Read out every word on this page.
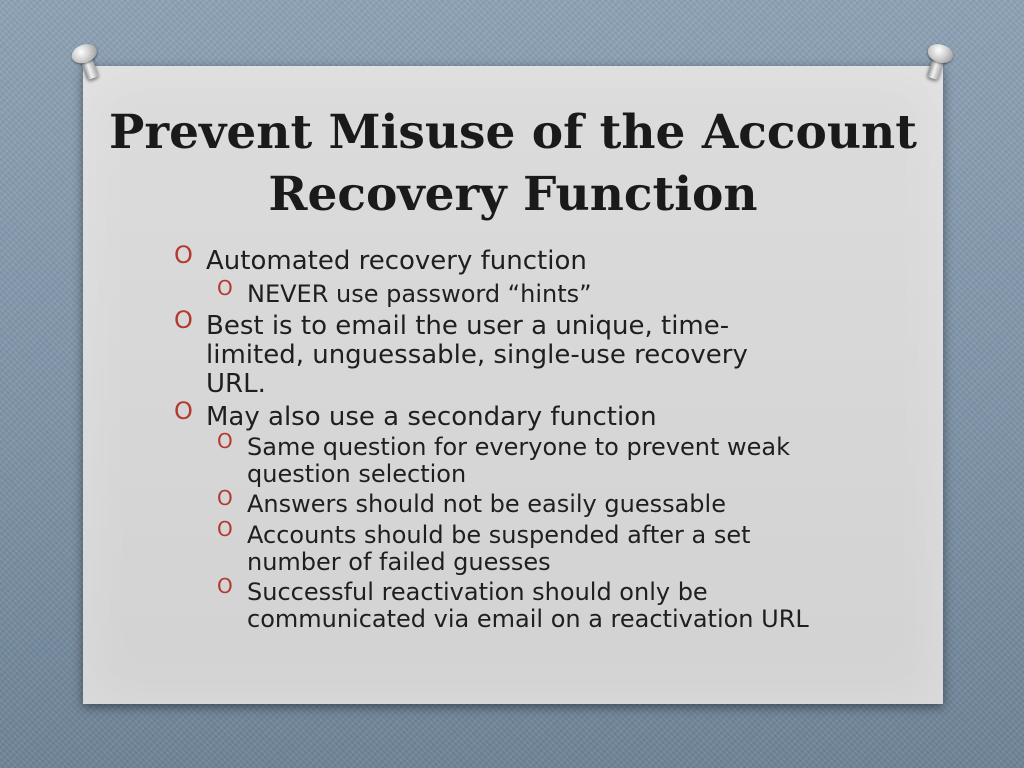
Prevent Misuse of the Account
Recovery Function
O Automated recovery function
O NEVER use password “hints”
O Best is to email the user a unique, time-limited, unguessable, single-use recovery URL.
O May also use a secondary function
O Same question for everyone to prevent weak question selection
O Answers should not be easily guessable
O Accounts should be suspended after a set number of failed guesses
O Successful reactivation should only be communicated via email on a reactivation URL
